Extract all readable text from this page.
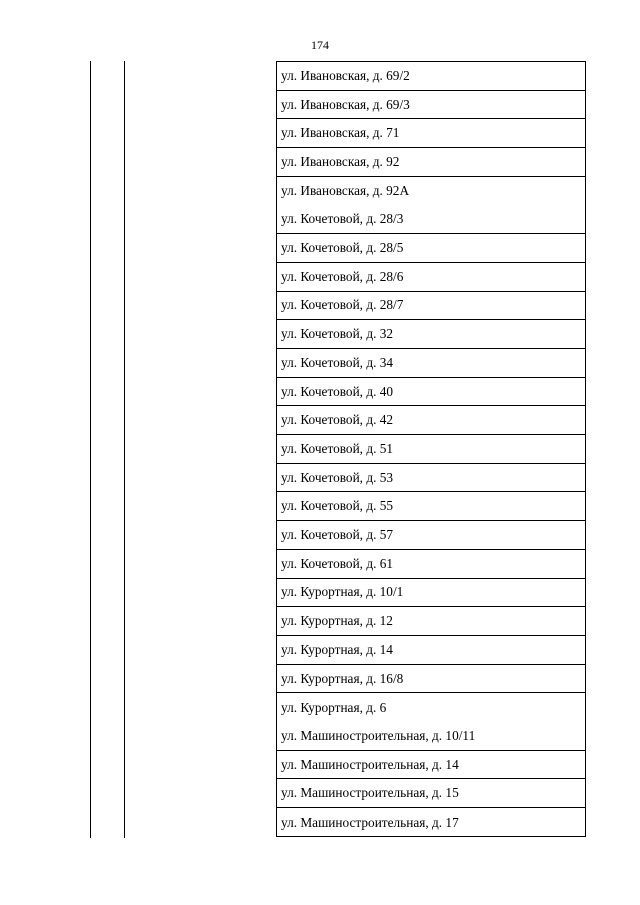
174
ул. Ивановская, д. 69/2
ул. Ивановская, д. 69/3
ул. Ивановская, д. 71
ул. Ивановская, д. 92
ул. Ивановская, д. 92А
ул. Кочетовой, д. 28/3
ул. Кочетовой, д. 28/5
ул. Кочетовой, д. 28/6
ул. Кочетовой, д. 28/7
ул. Кочетовой, д. 32
ул. Кочетовой, д. 34
ул. Кочетовой, д. 40
ул. Кочетовой, д. 42
ул. Кочетовой, д. 51
ул. Кочетовой, д. 53
ул. Кочетовой, д. 55
ул. Кочетовой, д. 57
ул. Кочетовой, д. 61
ул. Курортная, д. 10/1
ул. Курортная, д. 12
ул. Курортная, д. 14
ул. Курортная, д. 16/8
ул. Курортная, д. 6
ул. Машиностроительная, д. 10/11
ул. Машиностроительная, д. 14
ул. Машиностроительная, д. 15
ул. Машиностроительная, д. 17
